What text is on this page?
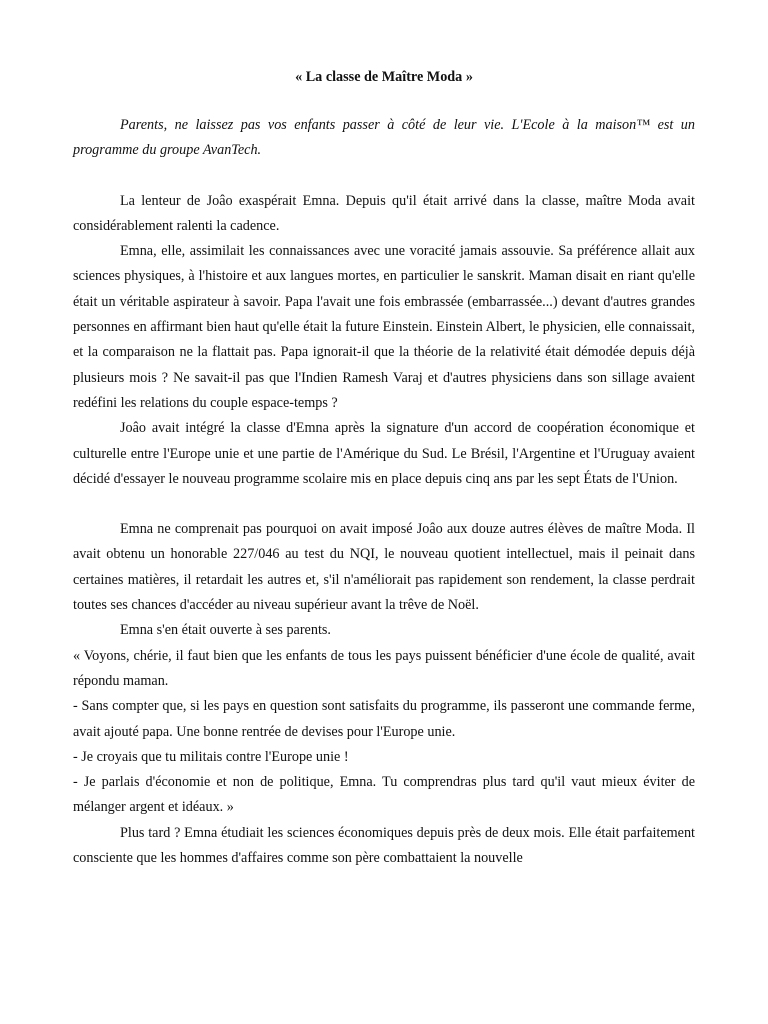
« La classe de Maître Moda »
Parents, ne laissez pas vos enfants passer à côté de leur vie. L'Ecole à la maison™ est un programme du groupe AvanTech.

La lenteur de Joâo exaspérait Emna. Depuis qu'il était arrivé dans la classe, maître Moda avait considérablement ralenti la cadence.

Emna, elle, assimilait les connaissances avec une voracité jamais assouvie. Sa préférence allait aux sciences physiques, à l'histoire et aux langues mortes, en particulier le sanskrit. Maman disait en riant qu'elle était un véritable aspirateur à savoir. Papa l'avait une fois embrassée (embarrassée...) devant d'autres grandes personnes en affirmant bien haut qu'elle était la future Einstein. Einstein Albert, le physicien, elle connaissait, et la comparaison ne la flattait pas. Papa ignorait-il que la théorie de la relativité était démodée depuis déjà plusieurs mois ? Ne savait-il pas que l'Indien Ramesh Varaj et d'autres physiciens dans son sillage avaient redéfini les relations du couple espace-temps ?

Joâo avait intégré la classe d'Emna après la signature d'un accord de coopération économique et culturelle entre l'Europe unie et une partie de l'Amérique du Sud. Le Brésil, l'Argentine et l'Uruguay avaient décidé d'essayer le nouveau programme scolaire mis en place depuis cinq ans par les sept États de l'Union.

Emna ne comprenait pas pourquoi on avait imposé Joâo aux douze autres élèves de maître Moda. Il avait obtenu un honorable 227/046 au test du NQI, le nouveau quotient intellectuel, mais il peinait dans certaines matières, il retardait les autres et, s'il n'améliorait pas rapidement son rendement, la classe perdrait toutes ses chances d'accéder au niveau supérieur avant la trêve de Noël.

Emna s'en était ouverte à ses parents.

« Voyons, chérie, il faut bien que les enfants de tous les pays puissent bénéficier d'une école de qualité, avait répondu maman.

- Sans compter que, si les pays en question sont satisfaits du programme, ils passeront une commande ferme, avait ajouté papa. Une bonne rentrée de devises pour l'Europe unie.

- Je croyais que tu militais contre l'Europe unie !

- Je parlais d'économie et non de politique, Emna. Tu comprendras plus tard qu'il vaut mieux éviter de mélanger argent et idéaux. »

Plus tard ? Emna étudiait les sciences économiques depuis près de deux mois. Elle était parfaitement consciente que les hommes d'affaires comme son père combattaient la nouvelle
